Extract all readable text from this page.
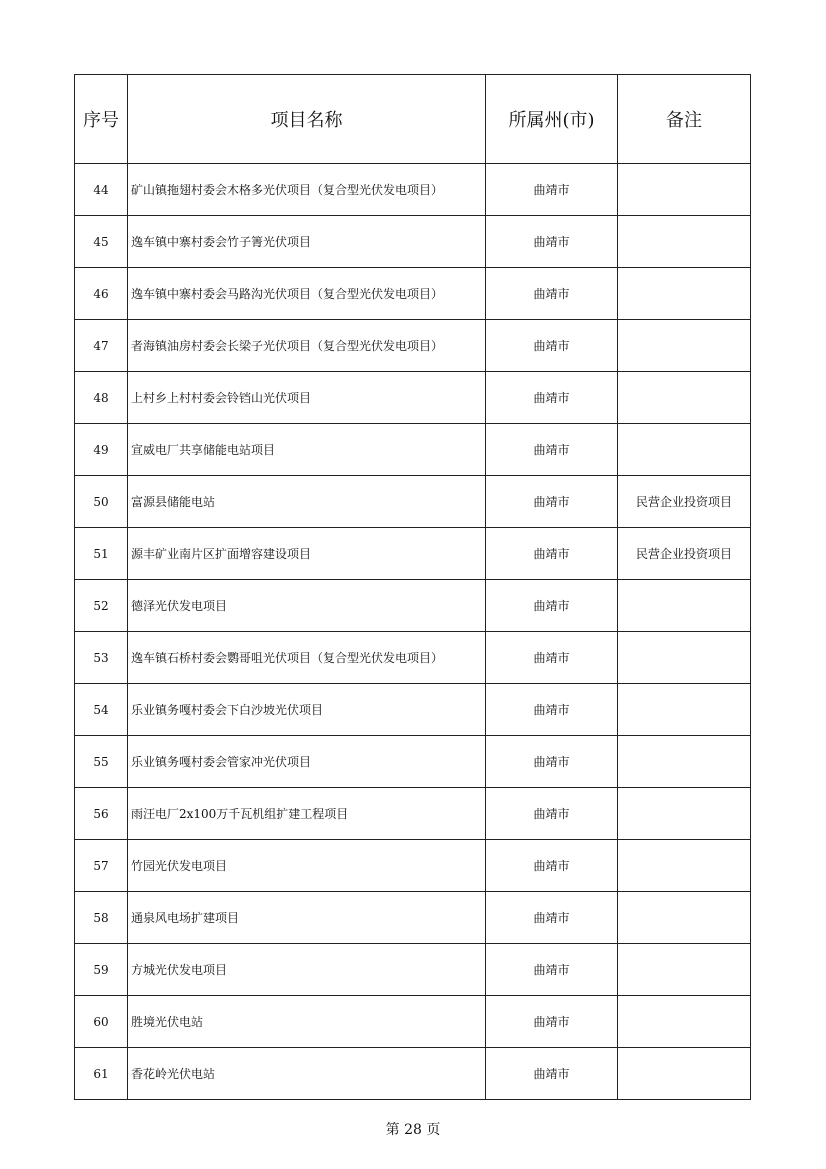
序号	项目名称	所属州(市)	备注
44	矿山镇拖翅村委会木格多光伏项目（复合型光伏发电项目）	曲靖市	
45	逸车镇中寨村委会竹子箐光伏项目	曲靖市	
46	逸车镇中寨村委会马路沟光伏项目（复合型光伏发电项目）	曲靖市	
47	者海镇油房村委会长梁子光伏项目（复合型光伏发电项目）	曲靖市	
48	上村乡上村村委会铃铛山光伏项目	曲靖市	
49	宣威电厂共享储能电站项目	曲靖市	
50	富源县储能电站	曲靖市	民营企业投资项目
51	源丰矿业南片区扩面增容建设项目	曲靖市	民营企业投资项目
52	德泽光伏发电项目	曲靖市	
53	逸车镇石桥村委会鹦哥咀光伏项目（复合型光伏发电项目）	曲靖市	
54	乐业镇务嘎村委会下白沙坡光伏项目	曲靖市	
55	乐业镇务嘎村委会管家冲光伏项目	曲靖市	
56	雨汪电厂2x100万千瓦机组扩建工程项目	曲靖市	
57	竹园光伏发电项目	曲靖市	
58	通泉风电场扩建项目	曲靖市	
59	方城光伏发电项目	曲靖市	
60	胜境光伏电站	曲靖市	
61	香花岭光伏电站	曲靖市	
第 28 页
